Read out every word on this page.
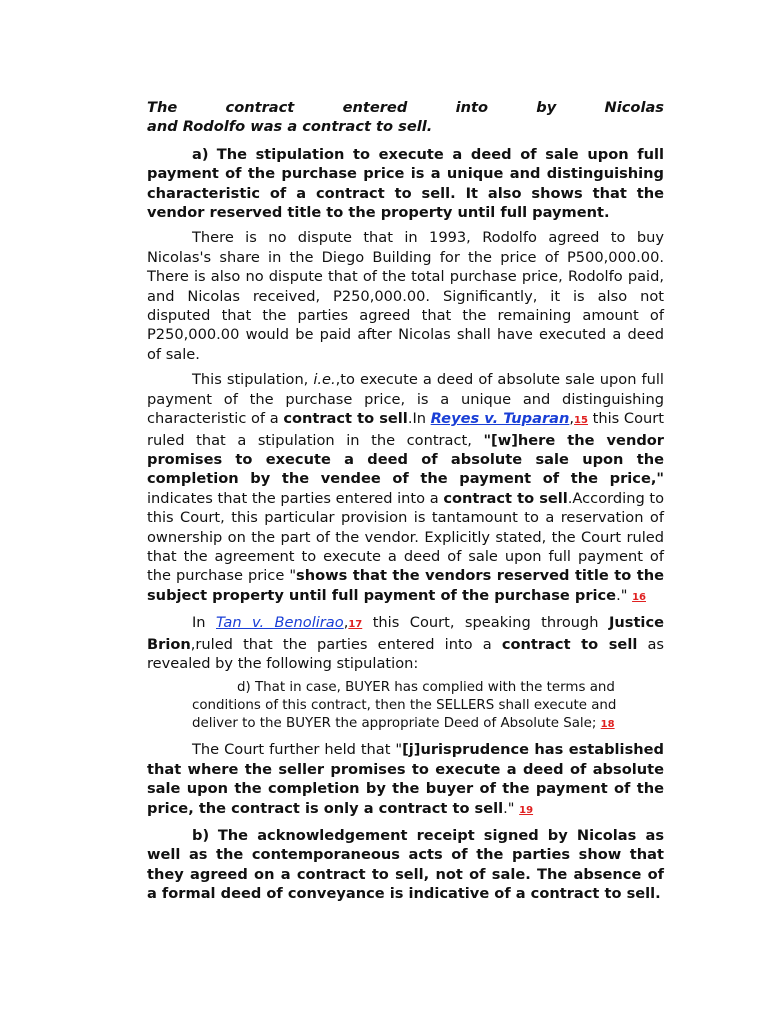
The contract entered into by Nicolas
and Rodolfo was a contract to sell.

a) The stipulation to execute a deed of sale upon full payment of the purchase price is a unique and distinguishing characteristic of a contract to sell. It also shows that the vendor reserved title to the property until full payment.

There is no dispute that in 1993, Rodolfo agreed to buy Nicolas's share in the Diego Building for the price of P500,000.00. There is also no dispute that of the total purchase price, Rodolfo paid, and Nicolas received, P250,000.00. Significantly, it is also not disputed that the parties agreed that the remaining amount of P250,000.00 would be paid after Nicolas shall have executed a deed of sale.

This stipulation, i.e.,to execute a deed of absolute sale upon full payment of the purchase price, is a unique and distinguishing characteristic of a contract to sell.In Reyes v. Tuparan,15 this Court ruled that a stipulation in the contract, "[w]here the vendor promises to execute a deed of absolute sale upon the completion by the vendee of the payment of the price," indicates that the parties entered into a contract to sell.According to this Court, this particular provision is tantamount to a reservation of ownership on the part of the vendor. Explicitly stated, the Court ruled that the agreement to execute a deed of sale upon full payment of the purchase price "shows that the vendors reserved title to the subject property until full payment of the purchase price." 16

In Tan v. Benolirao,17 this Court, speaking through Justice Brion,ruled that the parties entered into a contract to sell as revealed by the following stipulation:

d) That in case, BUYER has complied with the terms and conditions of this contract, then the SELLERS shall execute and deliver to the BUYER the appropriate Deed of Absolute Sale; 18

The Court further held that "[j]urisprudence has established that where the seller promises to execute a deed of absolute sale upon the completion by the buyer of the payment of the price, the contract is only a contract to sell." 19

b) The acknowledgement receipt signed by Nicolas as well as the contemporaneous acts of the parties show that they agreed on a contract to sell, not of sale. The absence of a formal deed of conveyance is indicative of a contract to sell.
